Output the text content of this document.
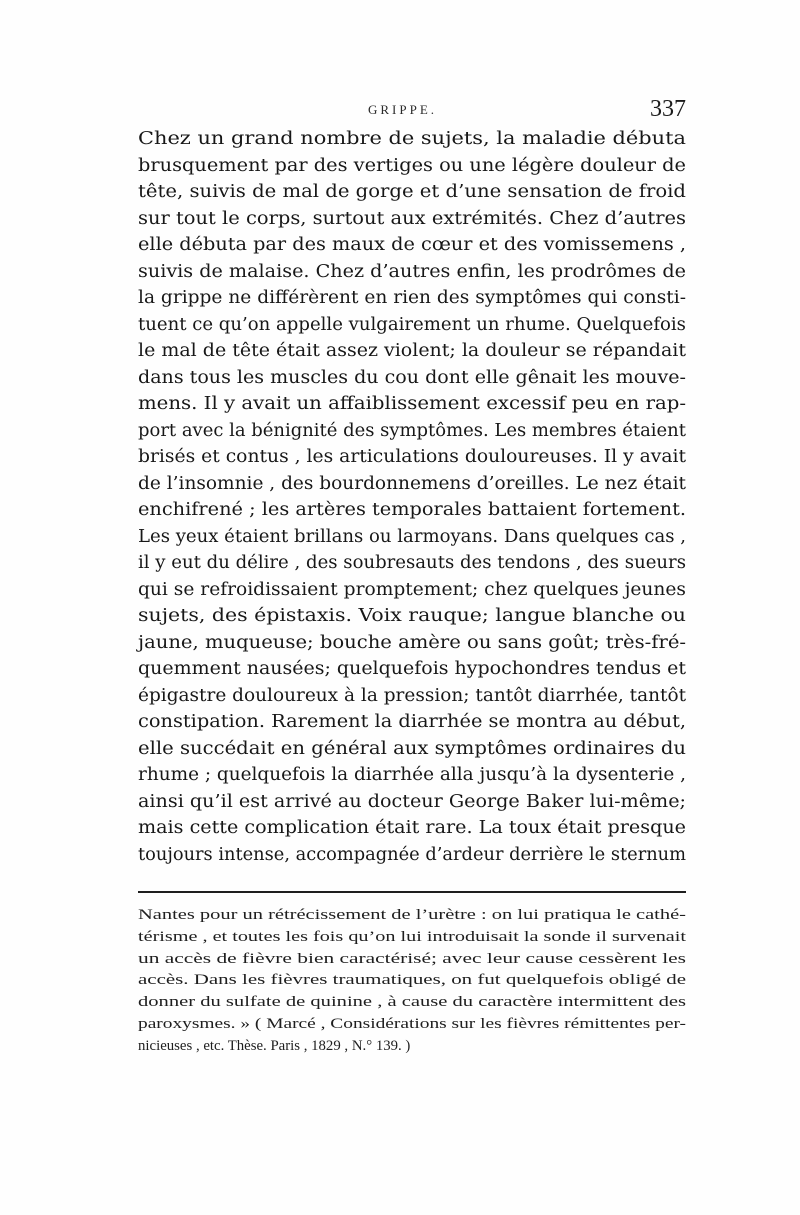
GRIPPE.	337
Chez un grand nombre de sujets, la maladie débuta
brusquement par des vertiges ou une légère douleur de
tête, suivis de mal de gorge et d’une sensation de froid
sur tout le corps, surtout aux extrémités. Chez d’autres
elle débuta par des maux de cœur et des vomissemens ,
suivis de malaise. Chez d’autres enfin, les prodrômes de
la grippe ne différèrent en rien des symptômes qui consti-
tuent ce qu’on appelle vulgairement un rhume. Quelquefois
le mal de tête était assez violent; la douleur se répandait
dans tous les muscles du cou dont elle gênait les mouve-
mens. Il y avait un affaiblissement excessif peu en rap-
port avec la bénignité des symptômes. Les membres étaient
brisés et contus , les articulations douloureuses. Il y avait
de l’insomnie , des bourdonnemens d’oreilles. Le nez était
enchifrené ; les artères temporales battaient fortement.
Les yeux étaient brillans ou larmoyans. Dans quelques cas ,
il y eut du délire , des soubresauts des tendons , des sueurs
qui se refroidissaient promptement; chez quelques jeunes
sujets, des épistaxis. Voix rauque; langue blanche ou
jaune, muqueuse; bouche amère ou sans goût; très-fré-
quemment nausées; quelquefois hypochondres tendus et
épigastre douloureux à la pression; tantôt diarrhée, tantôt
constipation. Rarement la diarrhée se montra au début,
elle succédait en général aux symptômes ordinaires du
rhume ; quelquefois la diarrhée alla jusqu’à la dysenterie ,
ainsi qu’il est arrivé au docteur George Baker lui-même;
mais cette complication était rare. La toux était presque
toujours intense, accompagnée d’ardeur derrière le sternum
Nantes pour un rétrécissement de l’urètre : on lui pratiqua le cathé-
térisme , et toutes les fois qu’on lui introduisait la sonde il survenait
un accès de fièvre bien caractérisé; avec leur cause cessèrent les
accès. Dans les fièvres traumatiques, on fut quelquefois obligé de
donner du sulfate de quinine , à cause du caractère intermittent des
paroxysmes. » ( Marcé , Considérations sur les fièvres rémittentes per-
nicieuses , etc. Thèse. Paris , 1829 , N.° 139. )
